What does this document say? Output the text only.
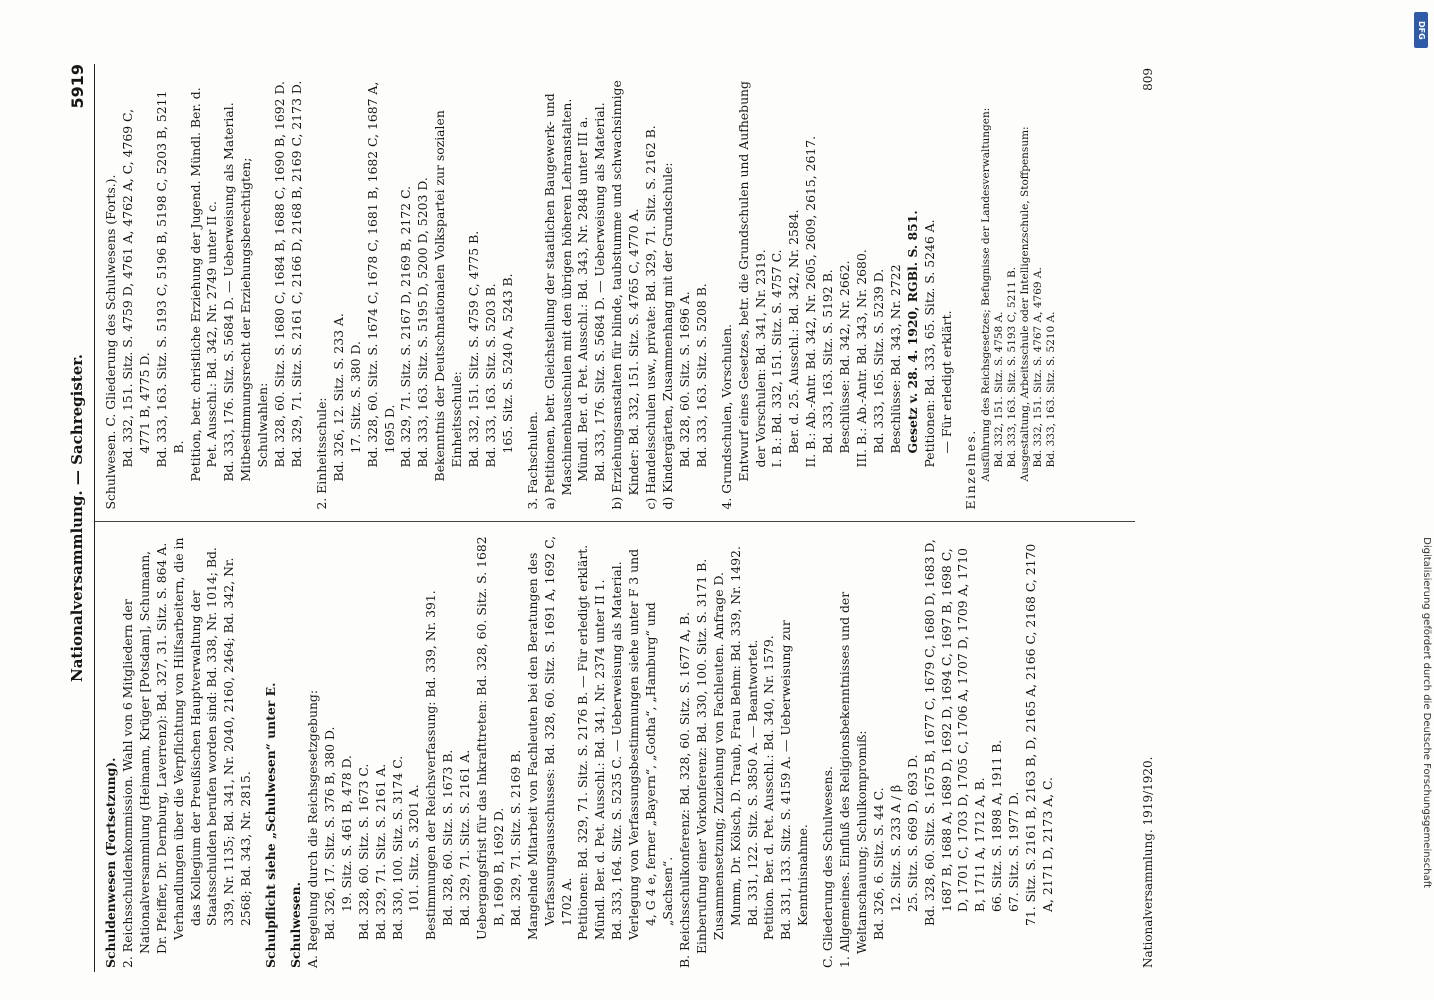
Nationalversammlung. — Sachregister.
5919

Schuldenwesen (Fortsetzung). 2. Reichsschuldenkommission. Wahl von 6 Mitgliedern der Nationalversammlung (Heimann, Krüger [Potsdam], Schumann, Dr. Pfeiffer, Dr. Dernburg, Laverrenz): Bd. 327, 31. Sitz. S. 864 A. Verhandlungen über die Verpflichtung von Hilfsarbeitern, die in das Kollegium der Preußischen Hauptverwaltung der Staatsschulden berufen worden sind: Bd. 338, Nr. 1014; Bd. 339, Nr. 1135; Bd. 341, Nr. 2040, 2160, 2464; Bd. 342, Nr. 2568; Bd. 343, Nr. 2815. Schulpflicht siehe „Schulwesen“ unter E. Schulwesen. A. Regelung durch die Reichsgesetzgebung: Bd. 326, 17. Sitz. S. 376 B, 380 D. 19. Sitz. S. 461 B, 478 D. Bd. 328, 60. Sitz. S. 1673 C. Bd. 329, 71. Sitz. S. 2161 A. Bd. 330, 100. Sitz. S. 3174 C. 101. Sitz. S. 3201 A. Bestimmungen der Reichsverfassung: Bd. 339, Nr. 391. Bd. 328, 60. Sitz. S. 1673 B. Bd. 329, 71. Sitz. S. 2161 A. Uebergangsfrist für das Inkrafttreten: Bd. 328, 60. Sitz. S. 1682 B, 1690 B, 1692 D. Bd. 329, 71. Sitz. S. 2169 B. Mangelnde Mitarbeit von Fachleuten bei den Beratungen des Verfassungsausschusses: Bd. 328, 60. Sitz. S. 1691 A, 1692 C, 1702 A. Petitionen: Bd. 329, 71. Sitz. S. 2176 B. — Für erledigt erklärt. Mündl. Ber. d. Pet. Ausschl.: Bd. 341, Nr. 2374 unter II 1. Bd. 333, 164. Sitz. S. 5235 C. — Ueberweisung als Material. Verlegung von Verfassungsbestimmungen siehe unter F 3 und 4, G 4 e, ferner „Bayern“, „Gotha“, „Hamburg“ und „Sachsen“. B. Reichsschulkonferenz: Bd. 328, 60. Sitz. S. 1677 A, B. Einberufung einer Vorkonferenz: Bd. 330, 100. Sitz. S. 3171 B. Zusammensetzung; Zuziehung von Fachleuten. Anfrage D. Mumm, Dr. Kölsch, D. Traub, Frau Behm: Bd. 339, Nr. 1492. Bd. 331, 122. Sitz. S. 3850 A. — Beantwortet. Petition. Ber. d. Pet. Ausschl.: Bd. 340, Nr. 1579. Bd. 331, 133. Sitz. S. 4159 A. — Ueberweisung zur Kenntnisnahme. C. Gliederung des Schulwesens. 1. Allgemeines. Einfluß des Religionsbekenntnisses und der Weltanschauung; Schulkompromiß: Bd. 326, 6. Sitz. S. 44 C. 12. Sitz. S. 233 A / β 25. Sitz. S. 669 D, 693 D. Bd. 328, 60. Sitz. S. 1675 B, 1677 C, 1679 C, 1680 D, 1683 D, 1687 B, 1688 A, 1689 D, 1692 D, 1694 C, 1697 B, 1698 C, D, 1701 C, 1703 D, 1705 C, 1706 A, 1707 D, 1709 A, 1710 B, 1711 A, 1712 A, B. 66. Sitz. S. 1898 A, 1911 B. 67. Sitz. S. 1977 D. 71. Sitz. S. 2161 B, 2163 B, D, 2165 A, 2166 C, 2168 C, 2170 A, 2171 D, 2173 A, C.

Schulwesen. C. Gliederung des Schulwesens (Forts.). Bd. 332, 151. Sitz. S. 4759 D, 4761 A, 4762 A, C, 4769 C, 4771 B, 4775 D. Bd. 333, 163. Sitz. S. 5193 C, 5196 B, 5198 C, 5203 B, 5211 B. Petition, betr. christliche Erziehung der Jugend. Mündl. Ber. d. Pet. Ausschl.: Bd. 342, Nr. 2749 unter II c. Bd. 333, 176. Sitz. S. 5684 D. — Ueberweisung als Material. Mitbestimmungsrecht der Erziehungsberechtigten; Schulwahlen: Bd. 328, 60. Sitz. S. 1680 C, 1684 B, 1688 C, 1690 B, 1692 D. Bd. 329, 71. Sitz. S. 2161 C, 2166 D, 2168 B, 2169 C, 2173 D. 2. Einheitsschule: Bd. 326, 12. Sitz. S. 233 A. 17. Sitz. S. 380 D. Bd. 328, 60. Sitz. S. 1674 C, 1678 C, 1681 B, 1682 C, 1687 A, 1695 D. Bd. 329, 71. Sitz. S. 2167 D, 2169 B, 2172 C. Bd. 333, 163. Sitz. S. 5195 D, 5200 D, 5203 D. Bekenntnis der Deutschnationalen Volkspartei zur sozialen Einheitsschule: Bd. 332, 151. Sitz. S. 4759 C, 4775 B. Bd. 333, 163. Sitz. S. 5203 B. 165. Sitz. S. 5240 A, 5243 B.

3. Fachschulen. a) Petitionen, betr. Gleichstellung der staatlichen Baugewerk- und Maschinenbauschulen mit den übrigen höheren Lehranstalten. Mündl. Ber. d. Pet. Ausschl.: Bd. 343, Nr. 2848 unter III a. Bd. 333, 176. Sitz. S. 5684 D. — Ueberweisung als Material. b) Erziehungsanstalten für blinde, taubstumme und schwachsinnige Kinder: Bd. 332, 151. Sitz. S. 4765 C, 4770 A. c) Handelsschulen usw., private: Bd. 329, 71. Sitz. S. 2162 B. d) Kindergärten, Zusammenhang mit der Grundschule: Bd. 328, 60. Sitz. S. 1696 A. Bd. 333, 163. Sitz. S. 5208 B. 4. Grundschulen, Vorschulen. Entwurf eines Gesetzes, betr. die Grundschulen und Aufhebung der Vorschulen: Bd. 341, Nr. 2319. I. B.: Bd. 332, 151. Sitz. S. 4757 C. Ber. d. 25. Ausschl.: Bd. 342, Nr. 2584. II. B.: Ab.-Antr. Bd. 342, Nr. 2605, 2609, 2615, 2617. Bd. 333, 163. Sitz. S. 5192 B. Beschlüsse: Bd. 342, Nr. 2662. III. B.: Ab.-Antr. Bd. 343, Nr. 2680. Bd. 333, 165. Sitz. S. 5239 D. Beschlüsse: Bd. 343, Nr. 2722 Gesetz v. 28. 4. 1920, RGBl. S. 851. Petitionen: Bd. 333, 65. Sitz. S. 5246 A. — Für erledigt erklärt.

Einzelnes. Ausführung des Reichsgesetzes; Befugnisse der Landesverwaltungen: Bd. 332, 151. Sitz. S. 4758 A. Bd. 333, 163. Sitz. S. 5193 C, 5211 B. Ausgestaltung, Arbeitsschule oder Intelligenzschule, Stoffpensum: Bd. 332, 151. Sitz. S. 4767 A, 4769 A. Bd. 333, 163. Sitz. S. 5210 A.

Nationalversammlung. 1919/1920.
809
DFG
Digitalisierung gefördert durch die Deutsche Forschungsgemeinschaft
